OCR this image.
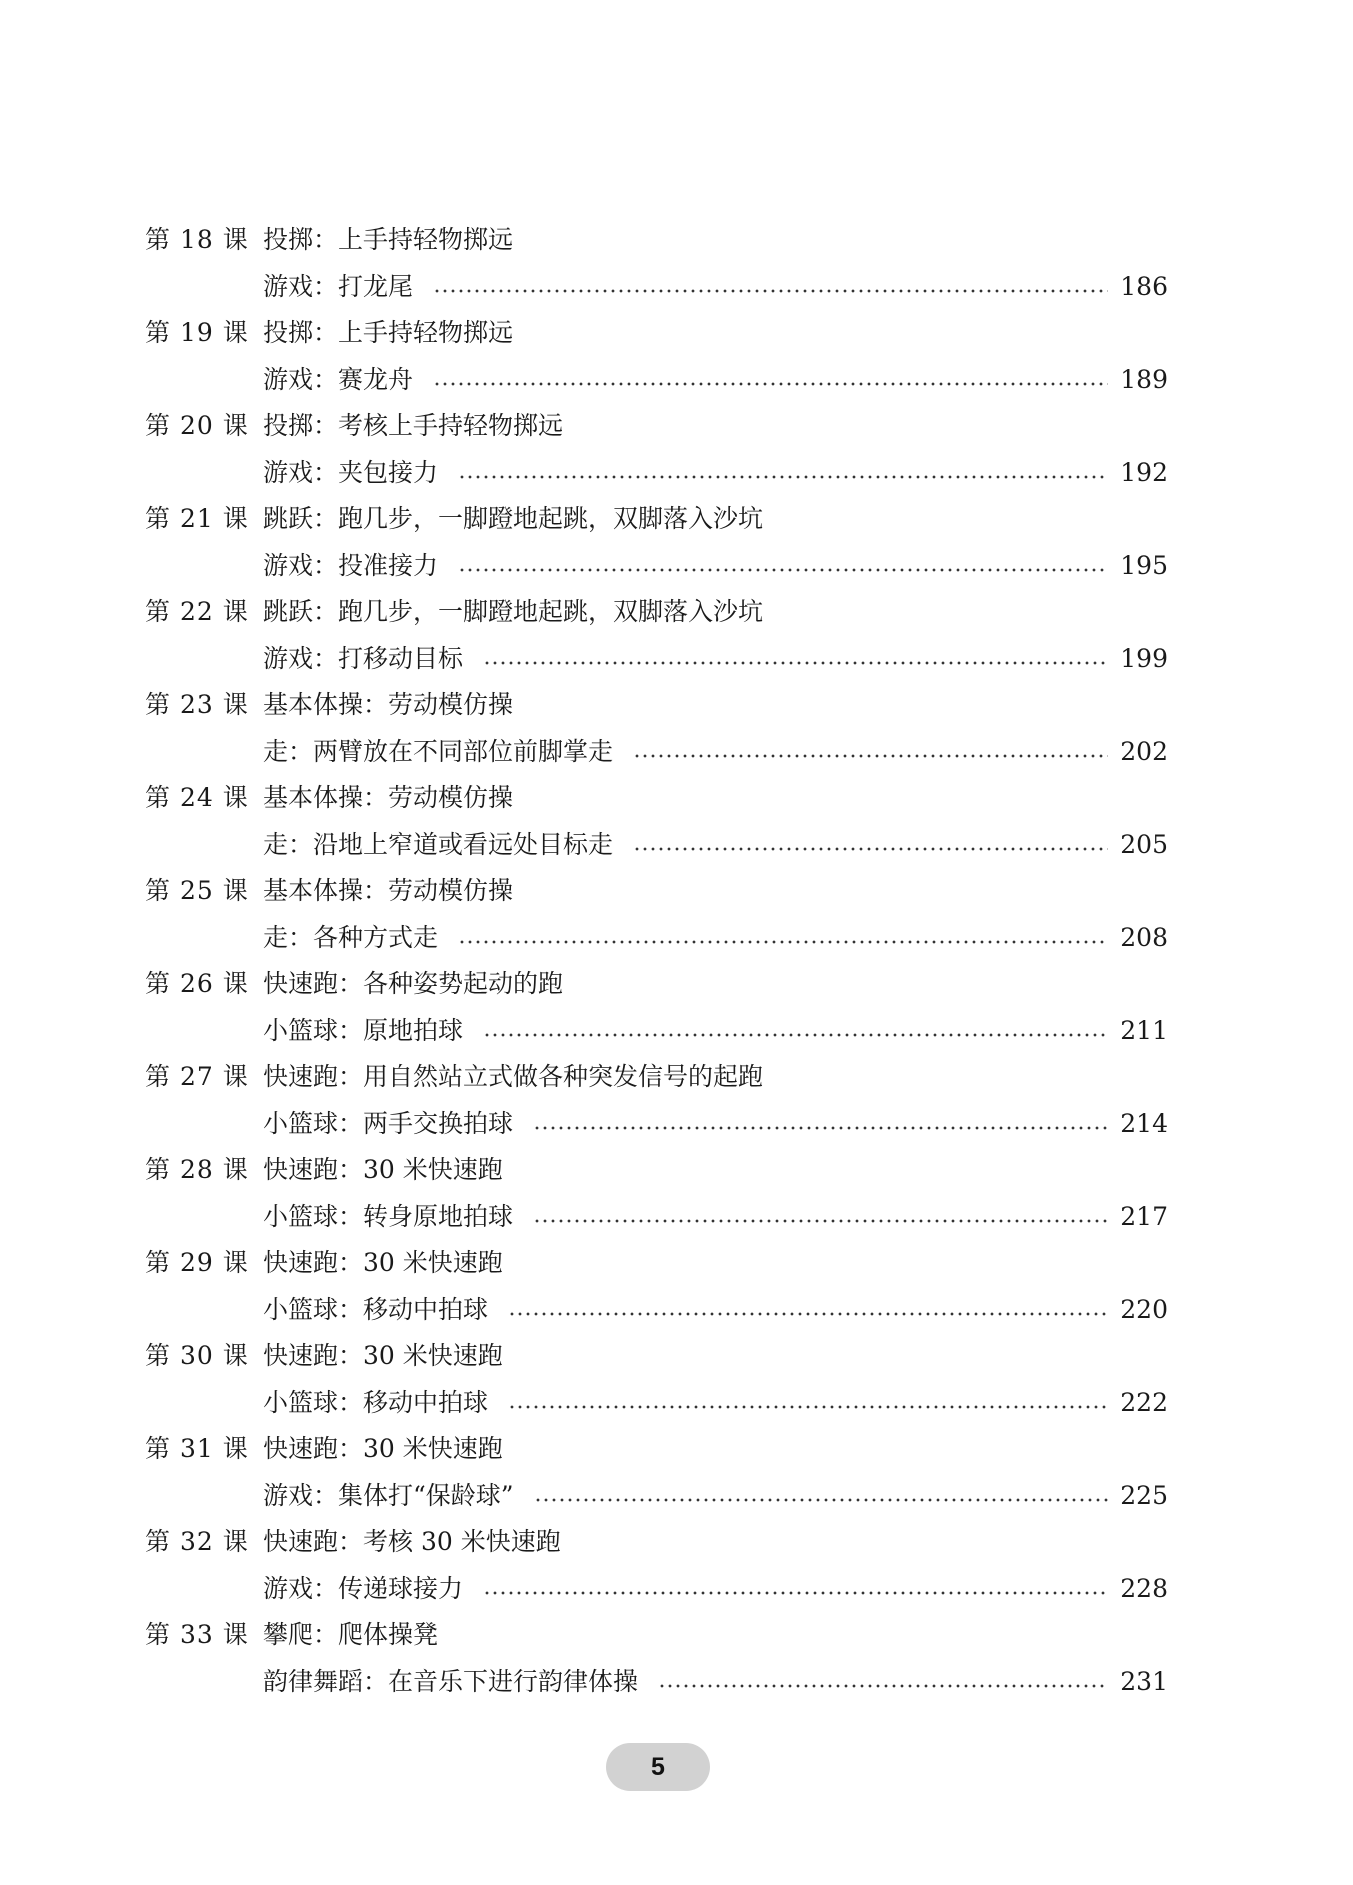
第 18 课 投掷：上手持轻物掷远
游戏：打龙尾	186
第 19 课 投掷：上手持轻物掷远
游戏：赛龙舟	189
第 20 课 投掷：考核上手持轻物掷远
游戏：夹包接力	192
第 21 课 跳跃：跑几步，一脚蹬地起跳，双脚落入沙坑
游戏：投准接力	195
第 22 课 跳跃：跑几步，一脚蹬地起跳，双脚落入沙坑
游戏：打移动目标	199
第 23 课 基本体操：劳动模仿操
走：两臂放在不同部位前脚掌走	202
第 24 课 基本体操：劳动模仿操
走：沿地上窄道或看远处目标走	205
第 25 课 基本体操：劳动模仿操
走：各种方式走	208
第 26 课 快速跑：各种姿势起动的跑
小篮球：原地拍球	211
第 27 课 快速跑：用自然站立式做各种突发信号的起跑
小篮球：两手交换拍球	214
第 28 课 快速跑：30 米快速跑
小篮球：转身原地拍球	217
第 29 课 快速跑：30 米快速跑
小篮球：移动中拍球	220
第 30 课 快速跑：30 米快速跑
小篮球：移动中拍球	222
第 31 课 快速跑：30 米快速跑
游戏：集体打“保龄球”	225
第 32 课 快速跑：考核 30 米快速跑
游戏：传递球接力	228
第 33 课 攀爬：爬体操凳
韵律舞蹈：在音乐下进行韵律体操	231
5
